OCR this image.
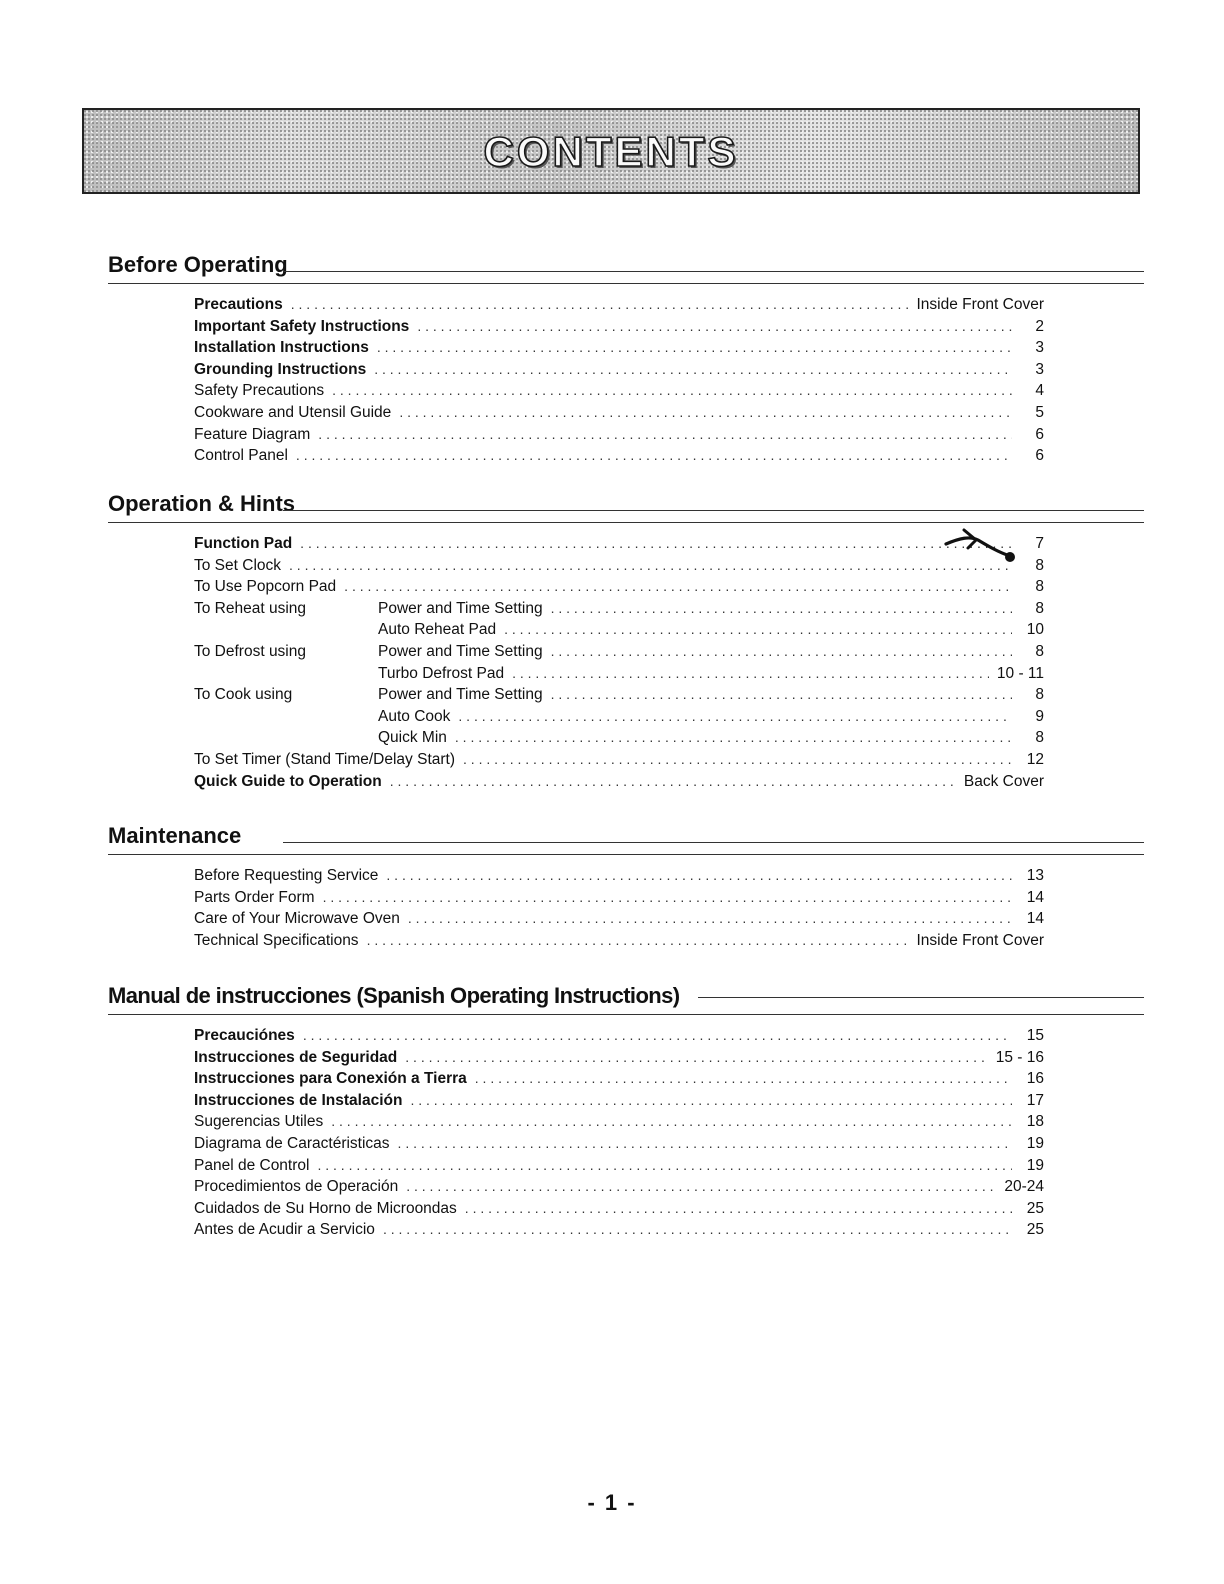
CONTENTS
Before Operating
Precautions . . .	Inside Front Cover
Important Safety Instructions . . .	2
Installation Instructions . . .	3
Grounding Instructions . . .	3
Safety Precautions . . .	4
Cookware and Utensil Guide . . .	5
Feature Diagram . . .	6
Control Panel . . .	6
Operation & Hints
Function Pad . . .	7
To Set Clock . . .	8
To Use Popcorn Pad . . .	8
To Reheat using	Power and Time Setting . . .	8
Auto Reheat Pad . . .	10
To Defrost using	Power and Time Setting . . .	8
Turbo Defrost Pad . . .	10 - 11
To Cook using	Power and Time Setting . . .	8
Auto Cook . . .	9
Quick Min . . .	8
To Set Timer (Stand Time/Delay Start) . . .	12
Quick Guide to Operation . . .	Back Cover
Maintenance
Before Requesting Service . . .	13
Parts Order Form . . .	14
Care of Your Microwave Oven . . .	14
Technical Specifications . . .	Inside Front Cover
Manual de instrucciones (Spanish Operating Instructions)
Precauciónes . . .	15
Instrucciones de Seguridad . . .	15 - 16
Instrucciones para Conexión a Tierra . . .	16
Instrucciones de Instalación . . .	17
Sugerencias Utiles . . .	18
Diagrama de Caractéristicas . . .	19
Panel de Control . . .	19
Procedimientos de Operación . . .	20-24
Cuidados de Su Horno de Microondas . . .	25
Antes de Acudir a Servicio . . .	25
- 1 -
